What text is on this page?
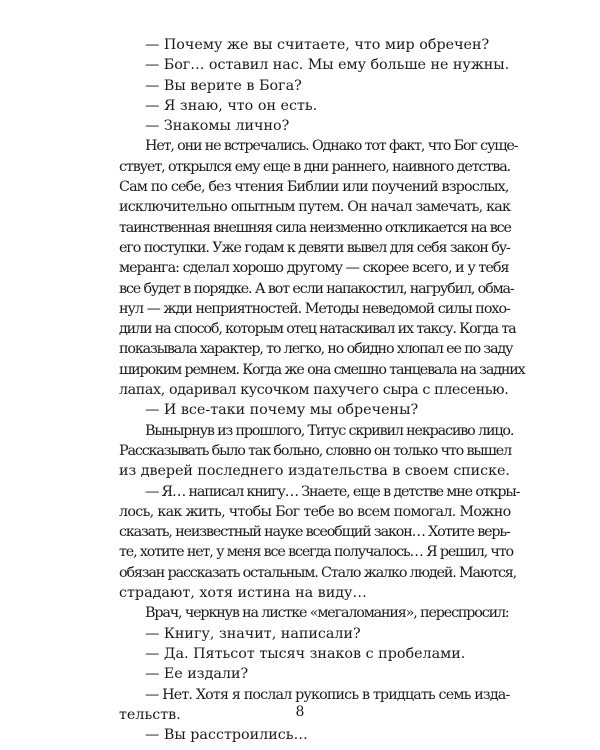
— Почему же вы считаете, что мир обречен?
— Бог… оставил нас. Мы ему больше не нужны.
— Вы верите в Бога?
— Я знаю, что он есть.
— Знакомы лично?
Нет, они не встречались. Однако тот факт, что Бог суще-
ствует, открылся ему еще в дни раннего, наивного детства.
Сам по себе, без чтения Библии или поучений взрослых,
исключительно опытным путем. Он начал замечать, как
таинственная внешняя сила неизменно откликается на все
его поступки. Уже годам к девяти вывел для себя закон бу-
меранга: сделал хорошо другому — скорее всего, и у тебя
все будет в порядке. А вот если напакостил, нагрубил, обма-
нул — жди неприятностей. Методы неведомой силы похо-
дили на способ, которым отец натаскивал их таксу. Когда та
показывала характер, то легко, но обидно хлопал ее по заду
широким ремнем. Когда же она смешно танцевала на задних
лапах, одаривал кусочком пахучего сыра с плесенью.
— И все-таки почему мы обречены?
Вынырнув из прошлого, Титус скривил некрасиво лицо.
Рассказывать было так больно, словно он только что вышел
из дверей последнего издательства в своем списке.
— Я… написал книгу… Знаете, еще в детстве мне откры-
лось, как жить, чтобы Бог тебе во всем помогал. Можно
сказать, неизвестный науке всеобщий закон… Хотите верь-
те, хотите нет, у меня все всегда получалось… Я решил, что
обязан рассказать остальным. Стало жалко людей. Маются,
страдают, хотя истина на виду…
Врач, черкнув на листке «мегаломания», переспросил:
— Книгу, значит, написали?
— Да. Пятьсот тысяч знаков с пробелами.
— Ее издали?
— Нет. Хотя я послал рукопись в тридцать семь изда-
тельств.
— Вы расстроились…
8
